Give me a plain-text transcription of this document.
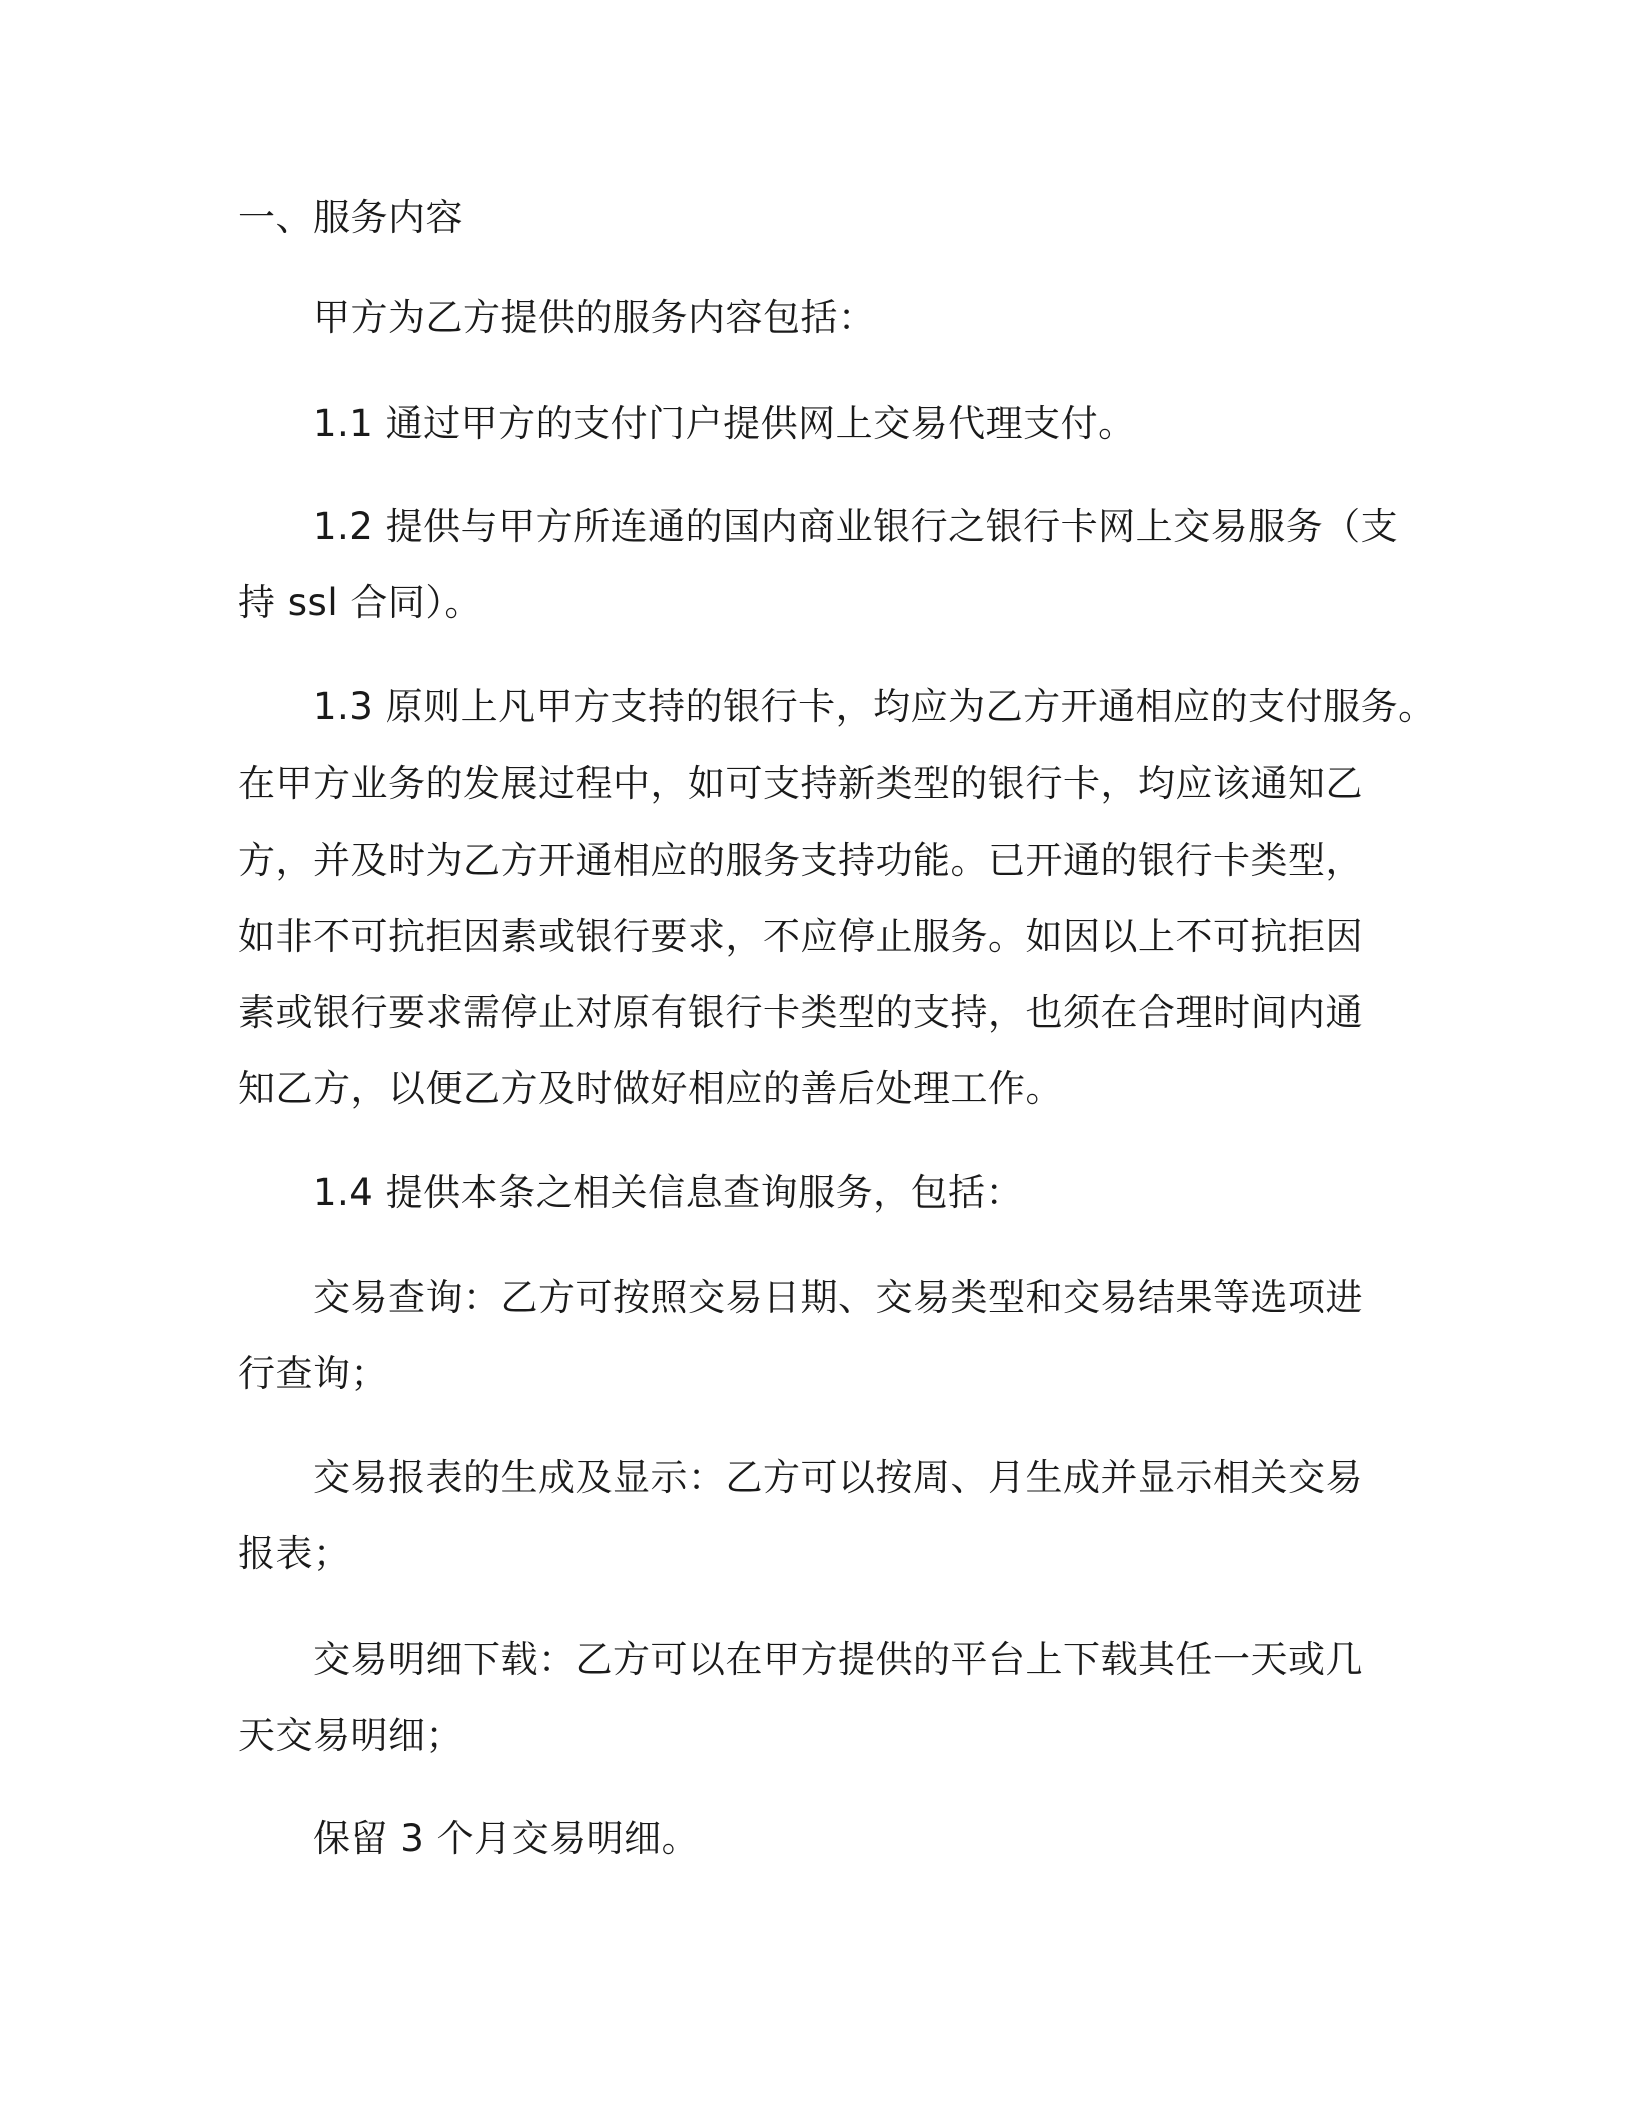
一、服务内容
甲方为乙方提供的服务内容包括：
1.1 通过甲方的支付门户提供网上交易代理支付。
1.2 提供与甲方所连通的国内商业银行之银行卡网上交易服务（支
持 ssl 合同）。
1.3 原则上凡甲方支持的银行卡，均应为乙方开通相应的支付服务。
在甲方业务的发展过程中，如可支持新类型的银行卡，均应该通知乙
方，并及时为乙方开通相应的服务支持功能。已开通的银行卡类型，
如非不可抗拒因素或银行要求，不应停止服务。如因以上不可抗拒因
素或银行要求需停止对原有银行卡类型的支持，也须在合理时间内通
知乙方，以便乙方及时做好相应的善后处理工作。
1.4 提供本条之相关信息查询服务，包括：
交易查询：乙方可按照交易日期、交易类型和交易结果等选项进
行查询；
交易报表的生成及显示：乙方可以按周、月生成并显示相关交易
报表；
交易明细下载：乙方可以在甲方提供的平台上下载其任一天或几
天交易明细；
保留 3 个月交易明细。
